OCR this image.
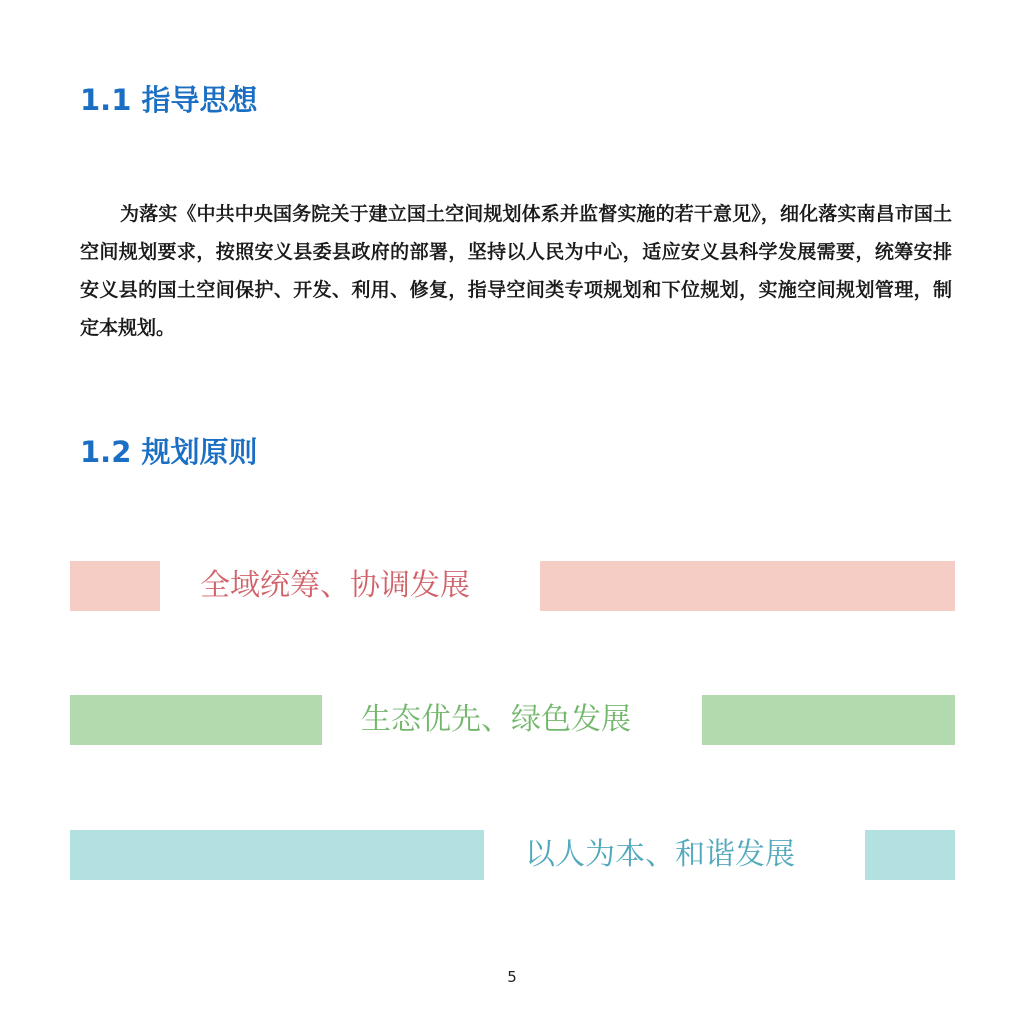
1.1 指导思想

为落实《中共中央国务院关于建立国土空间规划体系并监督实施的若干意见》，细化落实南昌市国土空间规划要求，按照安义县委县政府的部署，坚持以人民为中心，适应安义县科学发展需要，统筹安排安义县的国土空间保护、开发、利用、修复，指导空间类专项规划和下位规划，实施空间规划管理，制定本规划。

1.2 规划原则
全域统筹、协调发展
生态优先、绿色发展
以人为本、和谐发展

5
